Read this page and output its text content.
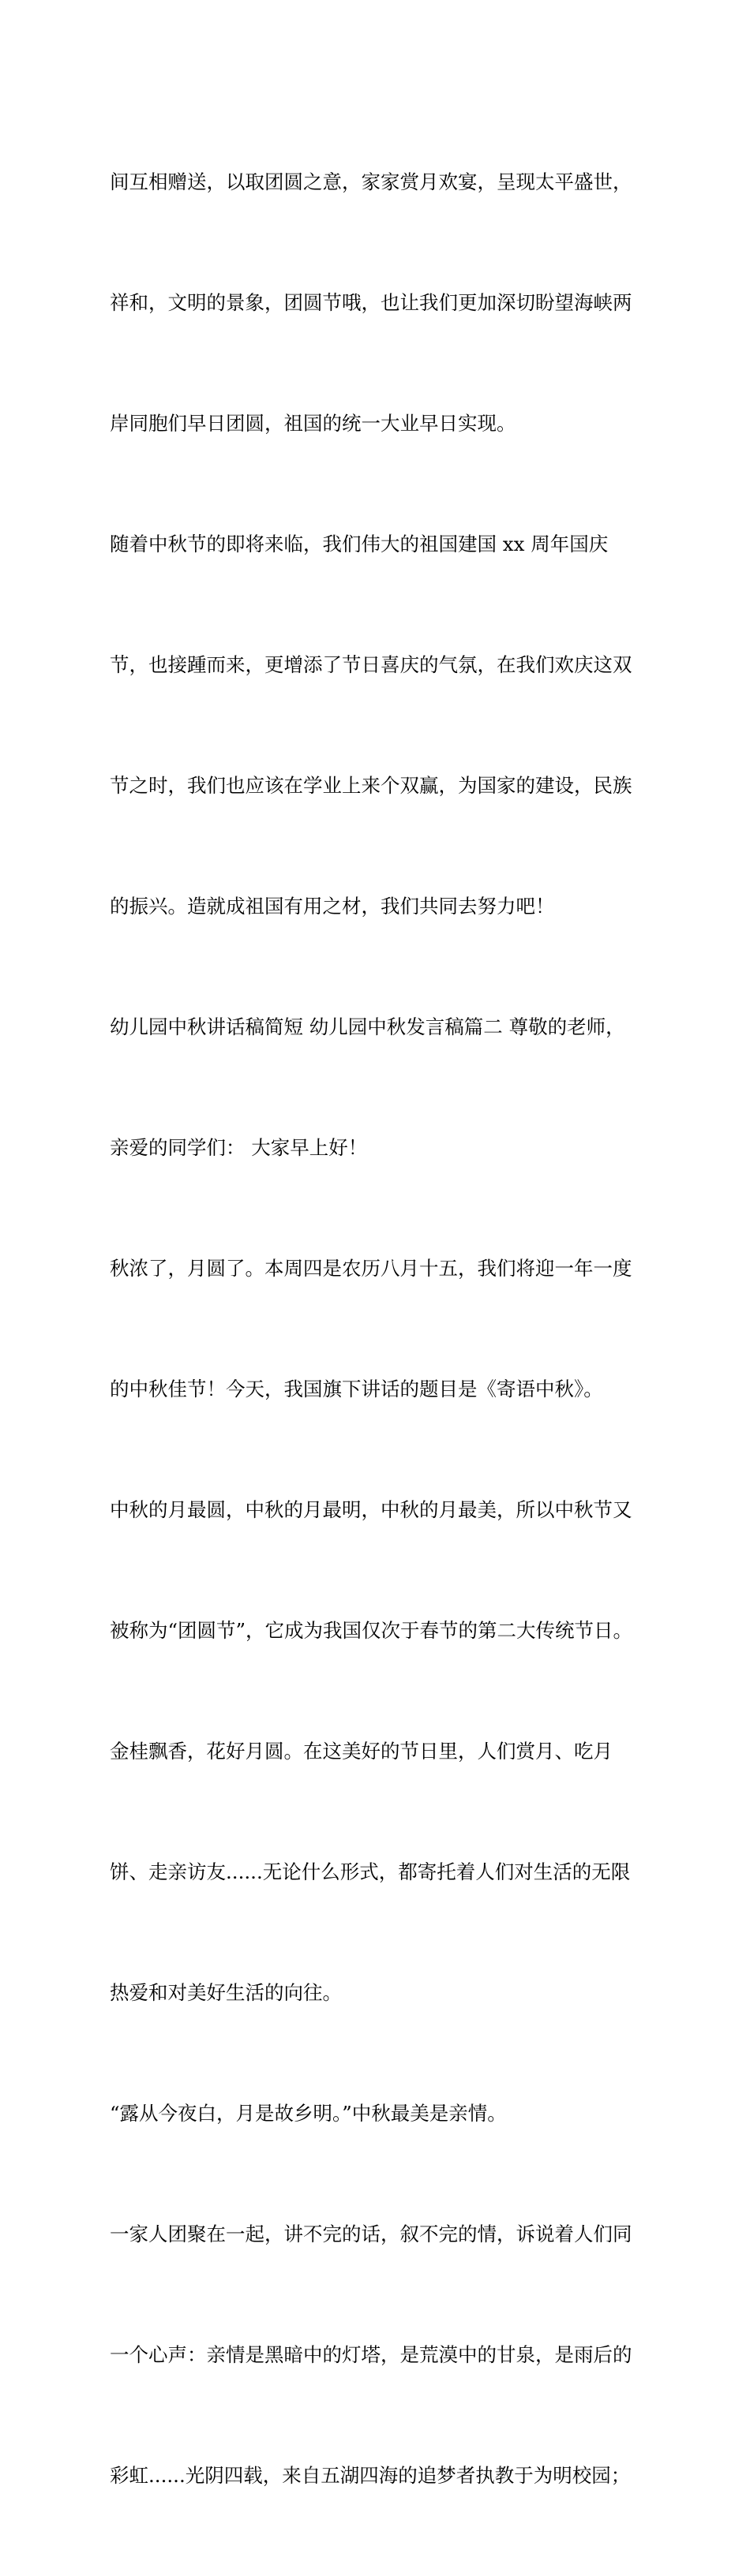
间互相赠送，以取团圆之意，家家赏月欢宴，呈现太平盛世，

祥和，文明的景象，团圆节哦，也让我们更加深切盼望海峡两

岸同胞们早日团圆，祖国的统一大业早日实现。

随着中秋节的即将来临，我们伟大的祖国建国 xx 周年国庆

节，也接踵而来，更增添了节日喜庆的气氛，在我们欢庆这双

节之时，我们也应该在学业上来个双赢，为国家的建设，民族

的振兴。造就成祖国有用之材，我们共同去努力吧！

幼儿园中秋讲话稿简短 幼儿园中秋发言稿篇二 尊敬的老师，

亲爱的同学们： 大家早上好！

秋浓了，月圆了。本周四是农历八月十五，我们将迎一年一度

的中秋佳节！今天，我国旗下讲话的题目是《寄语中秋》。

中秋的月最圆，中秋的月最明，中秋的月最美，所以中秋节又

被称为“团圆节”，它成为我国仅次于春节的第二大传统节日。

金桂飘香，花好月圆。在这美好的节日里，人们赏月、吃月

饼、走亲访友......无论什么形式，都寄托着人们对生活的无限

热爱和对美好生活的向往。

“露从今夜白，月是故乡明。”中秋最美是亲情。

一家人团聚在一起，讲不完的话，叙不完的情，诉说着人们同

一个心声：亲情是黑暗中的灯塔，是荒漠中的甘泉，是雨后的

彩虹......光阴四载，来自五湖四海的追梦者执教于为明校园；
